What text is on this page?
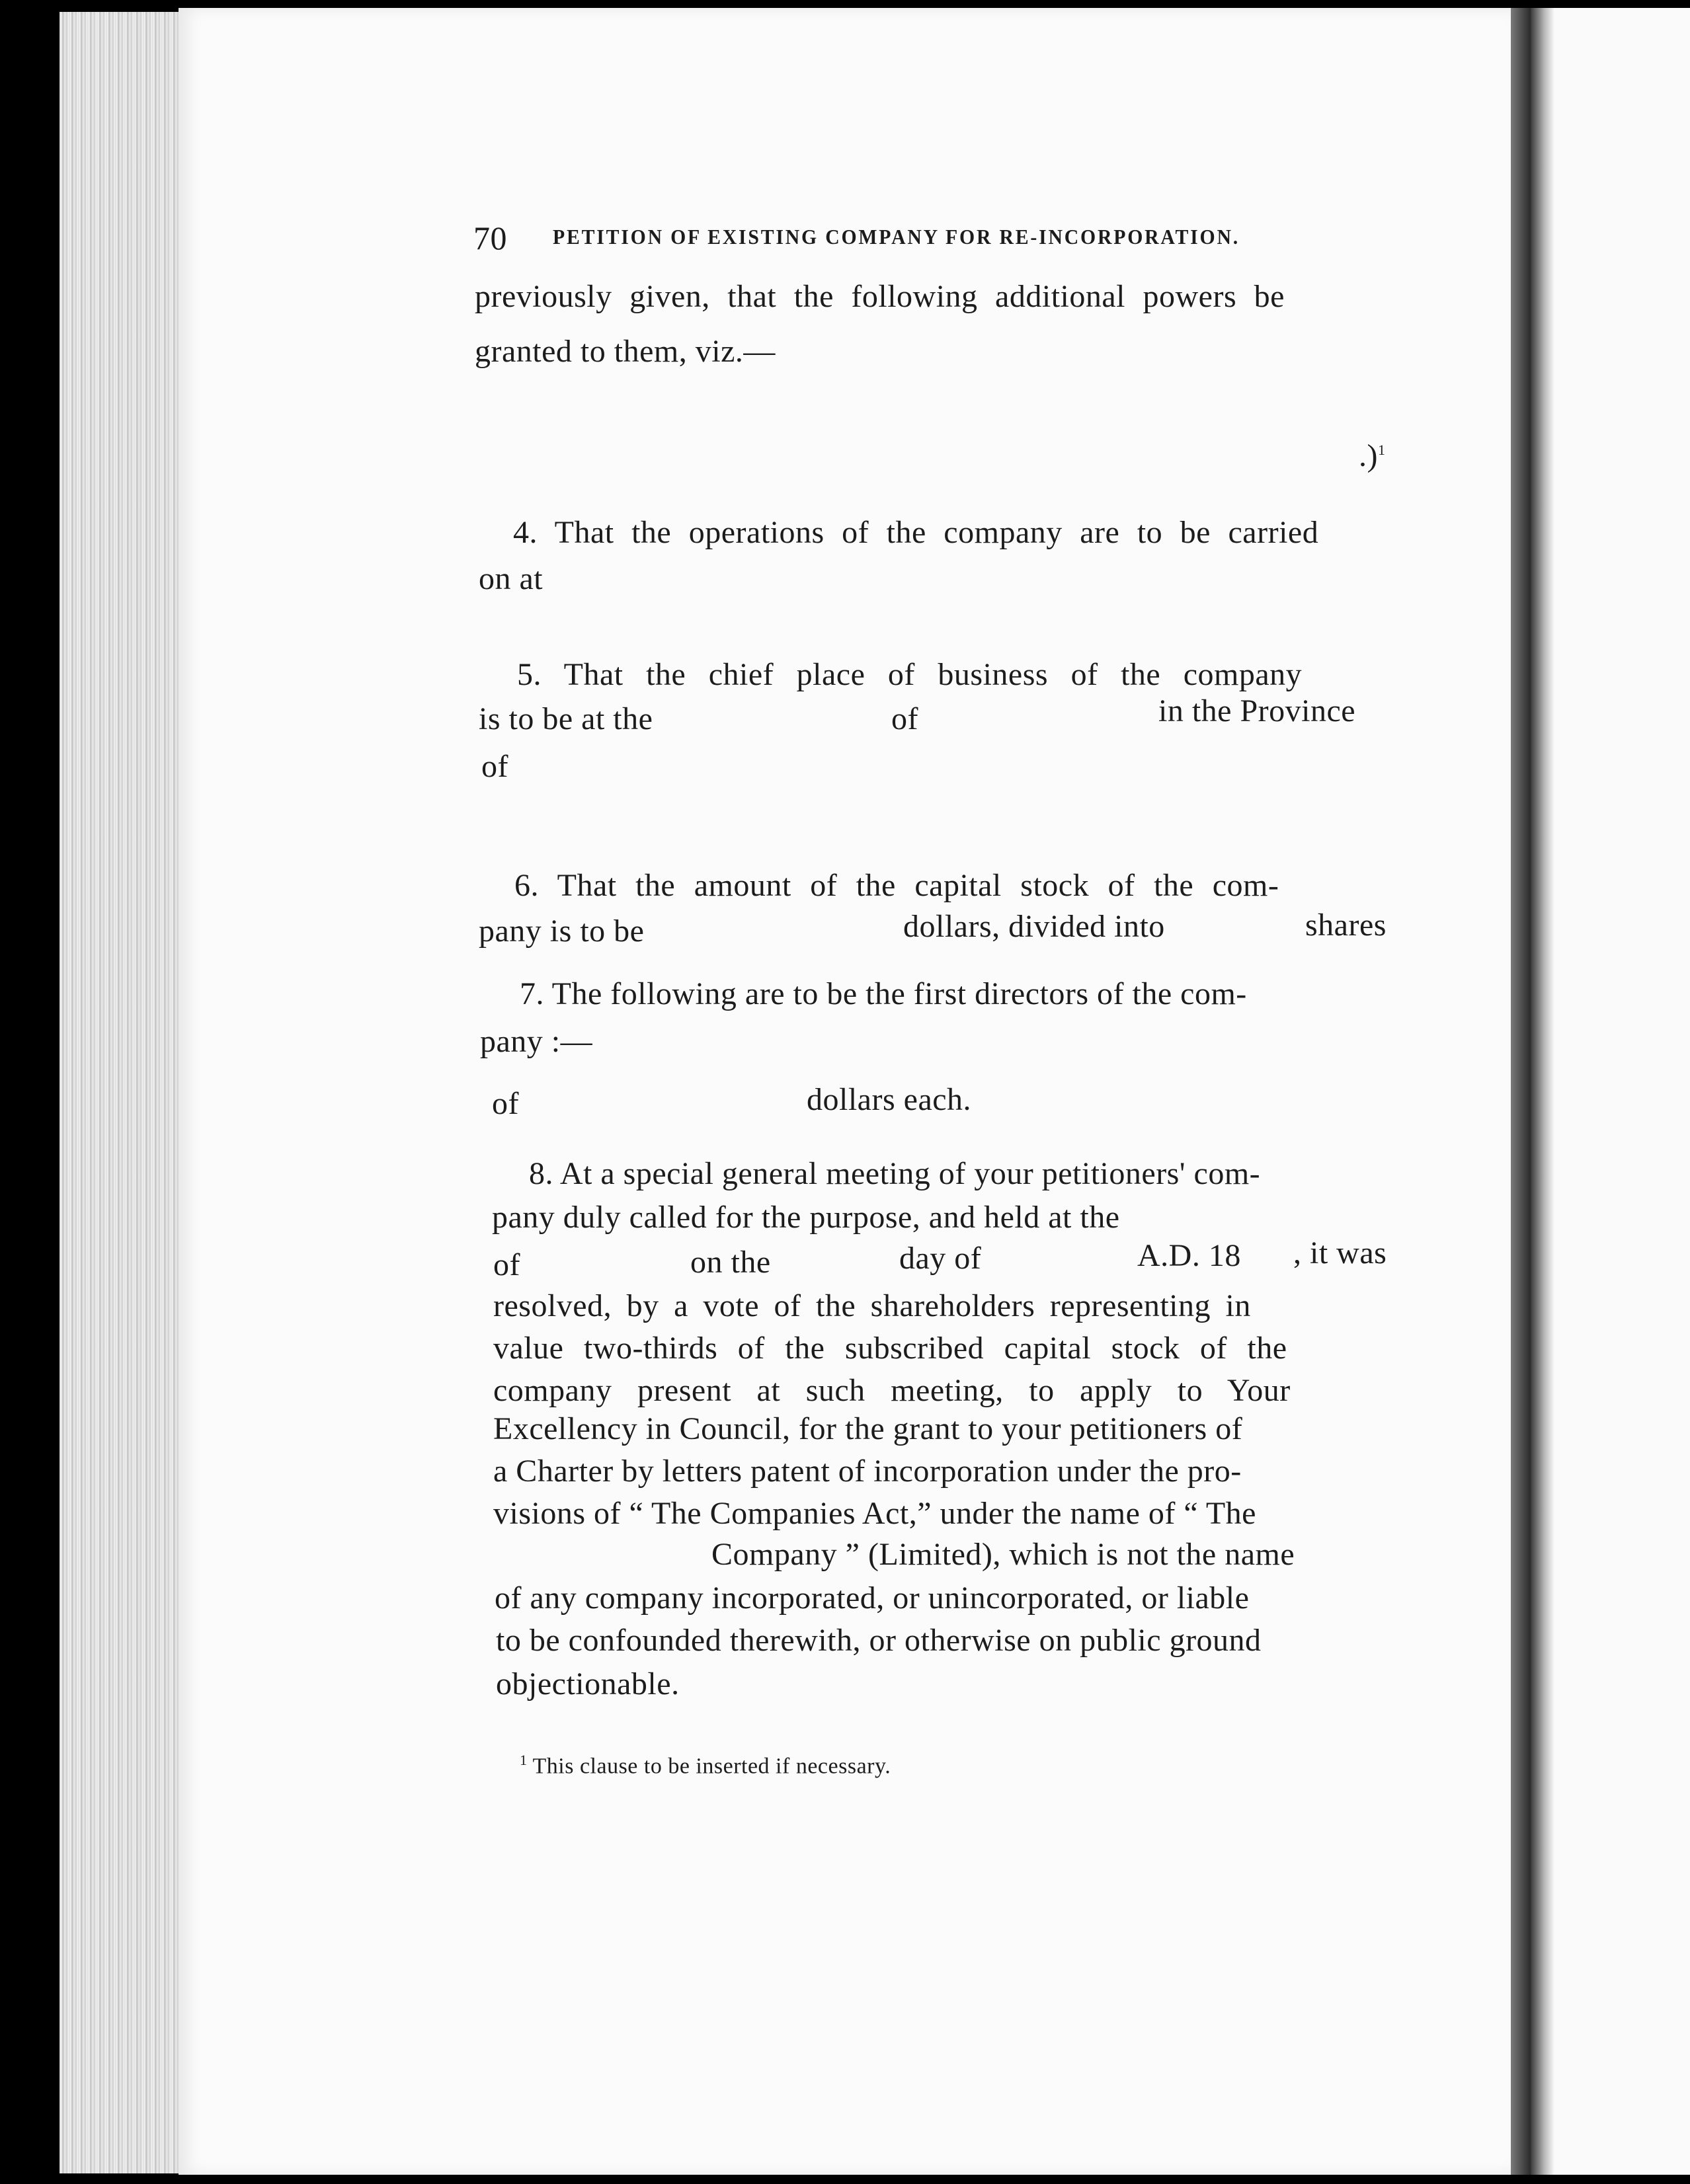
70 PETITION OF EXISTING COMPANY FOR RE-INCORPORATION.
previously given, that the following additional powers be
granted to them, viz.—
.)$^1$
4. That the operations of the company are to be carried
on at
5. That the chief place of business of the company
is to be at the	of	in the Province
of
6. That the amount of the capital stock of the com-
pany is to be	dollars, divided into	shares
7. The following are to be the first directors of the com-
pany :—
of	dollars each.
8. At a special general meeting of your petitioners' com-
pany duly called for the purpose, and held at the
of	on the	day of	A.D. 18 , it was
resolved, by a vote of the shareholders representing in
value two-thirds of the subscribed capital stock of the
company present at such meeting, to apply to Your
Excellency in Council, for the grant to your petitioners of
a Charter by letters patent of incorporation under the pro-
visions of “ The Companies Act,” under the name of “ The
Company ” (Limited), which is not the name
of any company incorporated, or unincorporated, or liable
to be confounded therewith, or otherwise on public ground
objectionable.
$^1$ This clause to be inserted if necessary.
